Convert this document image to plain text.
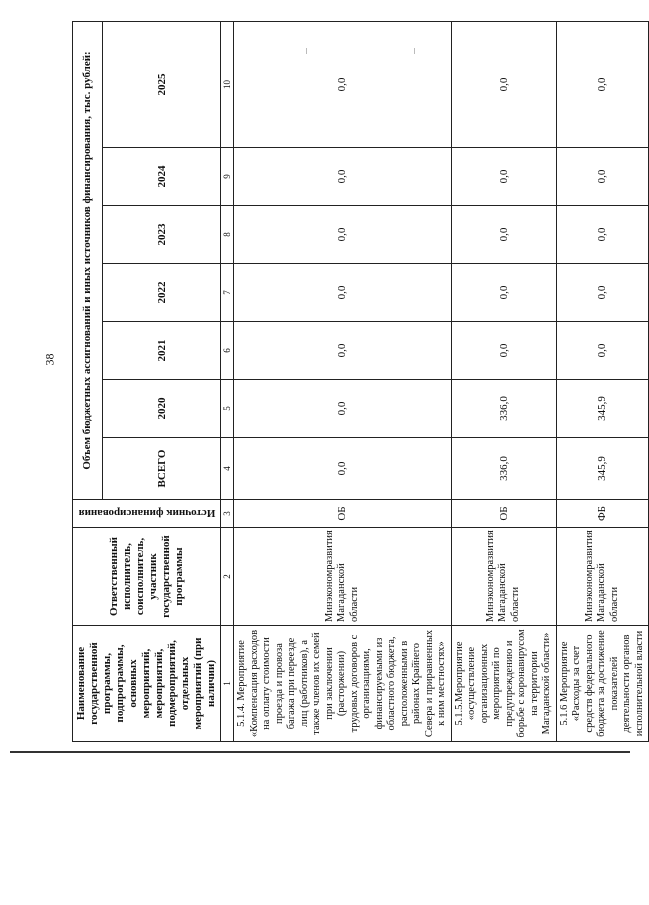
38
Наименование государственной программы, подпрограммы, основных мероприятий, мероприятий, подмероприятий, отдельных мероприятий (при наличии)	Ответственный исполнитель, соисполнитель, участник государственной программы	Источник финансирования	Объем бюджетных ассигнований и иных источников финансирования, тыс. рублей:						
			ВСЕГО	2020	2021	2022	2023	2024	2025
1	2	3	4	5	6	7	8	9	10
5.1.4. Мероприятие «Компенсация расходов на оплату стоимости проезда и провоза багажа при переезде лиц (работников), а также членов их семей при заключении (расторжении) трудовых договоров с организациями, финансируемыми из областного бюджета, расположенными в районах Крайнего Севера и приравненных к ним местностях»	Минэкономразвития Магаданской области	ОБ	0,0	0,0	0,0	0,0	0,0	0,0	0,0
5.1.5.Мероприятие «осуществление организационных мероприятий по предупреждению и борьбе с коронавирусом на территории Магаданской области»	Минэкономразвития Магаданской области	ОБ	336,0	336,0	0,0	0,0	0,0	0,0	0,0
5.1.6 Мероприятие «Расходы за счет средств федерального бюджета за достижение показателей деятельности органов исполнительной власти	Минэкономразвития Магаданской области	ФБ	345,9	345,9	0,0	0,0	0,0	0,0	0,0
